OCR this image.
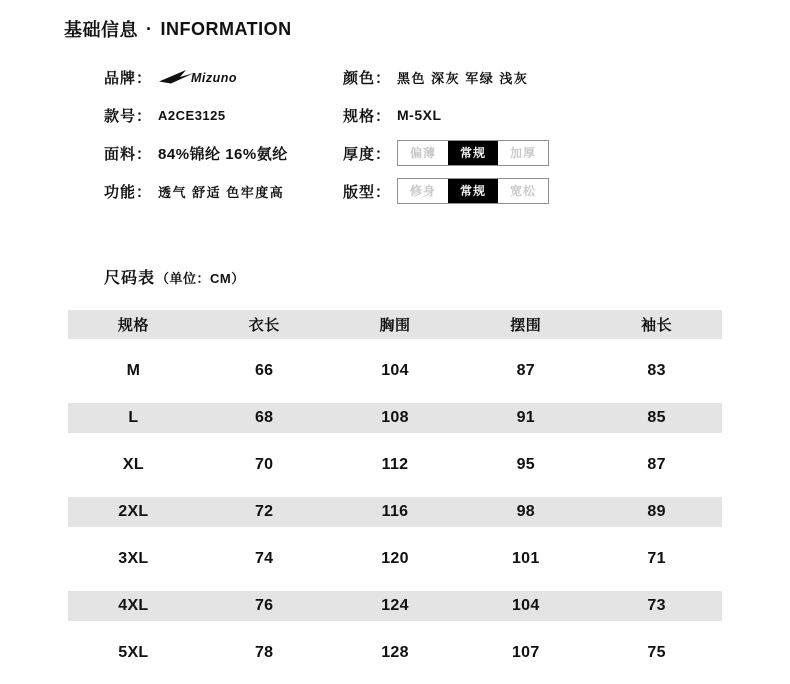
基础信息 · INFORMATION
品牌： Mizuno
款号： A2CE3125
面料： 84%锦纶 16%氨纶
功能： 透气 舒适 色牢度高
颜色： 黑色 深灰 军绿 浅灰
规格： M-5XL
厚度：	偏薄	常规	加厚
版型：	修身	常规	宽松
尺码表 （单位：CM）
规格	衣长	胸围	摆围	袖长
M	66	104	87	83
L	68	108	91	85
XL	70	112	95	87
2XL	72	116	98	89
3XL	74	120	101	71
4XL	76	124	104	73
5XL	78	128	107	75
